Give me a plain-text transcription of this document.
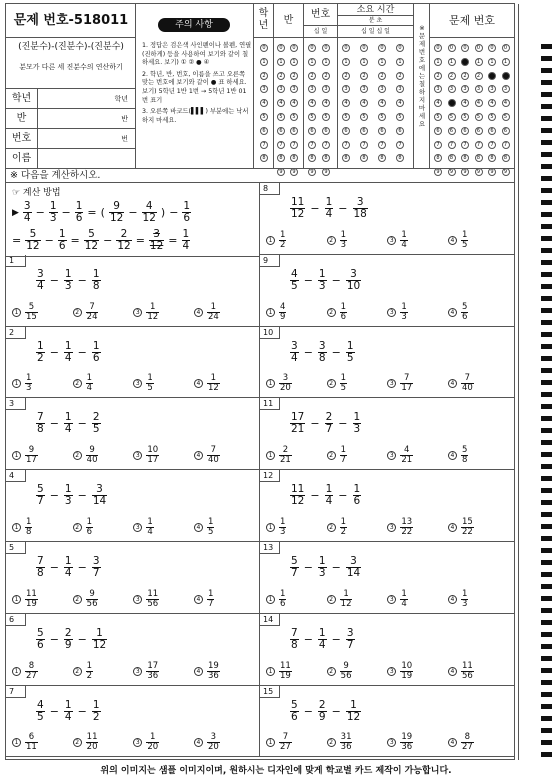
문제 번호-518011
(진분수)-(진분수)-(진분수)
분모가 다른 세 진분수의 연산하기
학년	학년
반	반
번호	번
이름
주의 사항
1. 정답은 검은색 사인펜이나 볼펜, 연필(진하게) 등을 사용하여 보기와 같이 칠하세요. 보기) ① ② ● ④
2. 학년, 반, 번호, 이름을 쓰고 오른쪽 맞는 번호에 보기와 같이 ● 표 하세요. 보기) 5학년 1반 1번 → 5학년 1반 01번 표기
3. 오른쪽 바코드(▌▌▌) 부분에는 낙서하지 마세요.
학년
0
1
2
3
4
5
6
7
8
반
0
1
2
3
4
5
6
7
8
9
0
1
2
3
4
5
6
7
8
9
번호
십 일
0
1
2
3
4
5
6
7
8
9
0
1
2
3
4
5
6
7
8
9
소요 시간
분 초
십 일 십 일
0
1
2
3
4
5
6
7
8
0
1
2
3
4
5
6
7
8
0
1
2
3
4
5
6
7
8
0
1
2
3
4
5
6
7
8
※ 문제 번호에는 칠하지 마세요
문제 번호
0
1
2
3
4
5
6
7
8
9
0
1
2
3
5
6
7
8
9
0
2
3
4
5
6
7
8
9
0
1
2
3
4
5
6
7
8
9
0
1
3
4
5
6
7
8
9
0
1
3
4
5
6
7
8
9
※ 다음을 계산하시오.
☞ 계산 방법
▶
3
$4 - \frac{1}{3} - \frac{1}{6}$ = ( 9
$12 - \frac{4}{12}$ ) − $\frac{1}{6}$
= $\frac{5}{12} - \frac{1}{6} = \frac{5}{12} - \frac{2}{12} = \frac{3}{12} = \frac{1}{4}$
1
3
$4 - \frac{1}{3} - \frac{1}{8}$
1
5
15	2
7
24	3
1
12	4
1
24
2
1
$2 - \frac{1}{4} - \frac{1}{6}$
1
1
3	2
1
4	3
1
5	4
1
12
3
7
$8 - \frac{1}{4} - \frac{2}{5}$
1
9
17	2
9
40	3
10
17	4
7
40
4
5
$7 - \frac{1}{3} - \frac{3}{14}$
1
1
8	2
1
6	3
1
4	4
1
5
5
7
$8 - \frac{1}{4} - \frac{3}{7}$
1
11
19	2
9
56	3
11
56	4
1
7
6
5
$6 - \frac{2}{9} - \frac{1}{12}$
1
8
27	2
1
2	3
17
36	4
19
36
7
4
$5 - \frac{1}{4} - \frac{1}{2}$
1
6
11	2
11
20	3
1
20	4
3
20
8
11
$12 - \frac{1}{4} - \frac{3}{18}$
1
1
2	2
1
3	3
1
4	4
1
5
9
4
$5 - \frac{1}{3} - \frac{3}{10}$
1
4
9	2
1
6	3
1
3	4
5
6
10
3
$4 - \frac{3}{8} - \frac{1}{5}$
1
3
20	2
1
5	3
7
17	4
7
40
11
17
$21 - \frac{2}{7} - \frac{1}{3}$
1
2
21	2
1
7	3
4
21	4
5
8
12
11
$12 - \frac{1}{4} - \frac{1}{6}$
1
1
3	2
1
2	3
13
22	4
15
22
13
5
$7 - \frac{1}{3} - \frac{3}{14}$
1
1
6	2
1
12	3
1
4	4
1
3
14
7
$8 - \frac{1}{4} - \frac{3}{7}$
1
11
19	2
9
56	3
10
19	4
11
56
15
5
$6 - \frac{2}{9} - \frac{1}{12}$
1
7
27	2
31
36	3
19
36	4
8
27
위의 이미지는 샘플 이미지이며, 원하시는 디자인에 맞게 학교별 카드 제작이 가능합니다.
